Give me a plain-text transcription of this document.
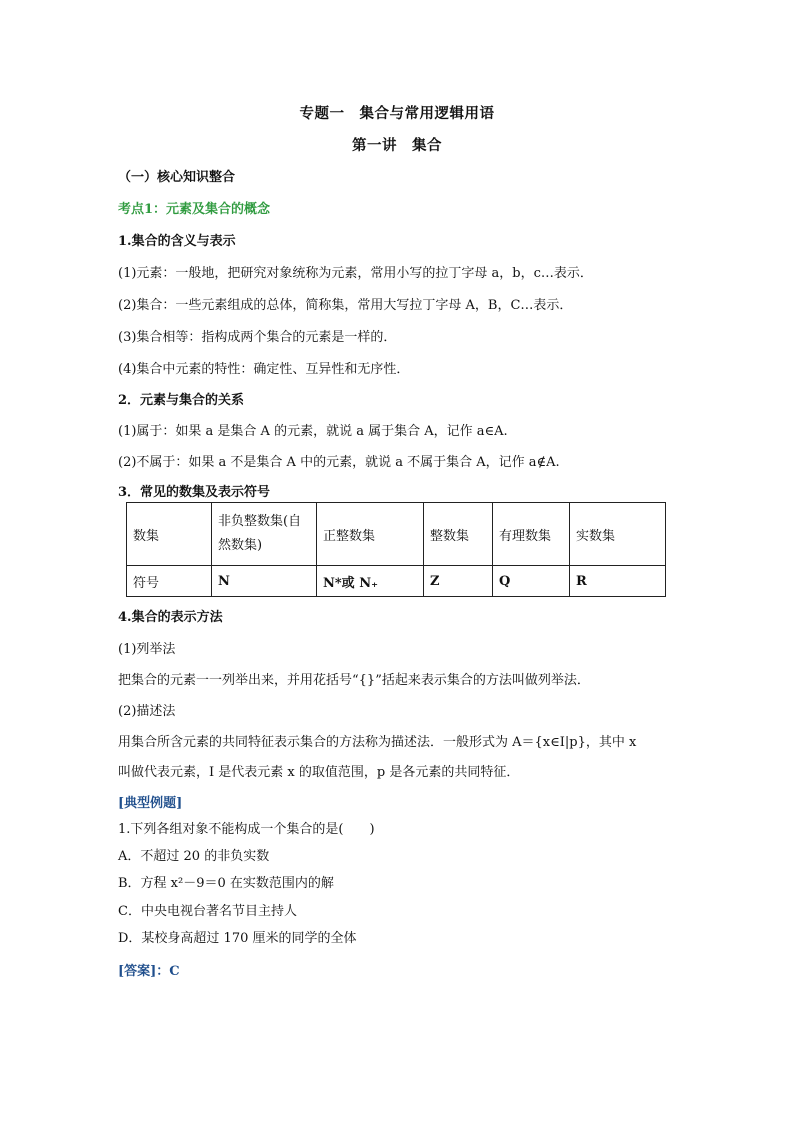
专题一　集合与常用逻辑用语
第一讲　集合
（一）核心知识整合
考点1：元素及集合的概念
1.集合的含义与表示
(1)元素：一般地，把研究对象统称为元素，常用小写的拉丁字母 a，b，c…表示．
(2)集合：一些元素组成的总体，简称集，常用大写拉丁字母 A，B，C…表示．
(3)集合相等：指构成两个集合的元素是一样的．
(4)集合中元素的特性：确定性、互异性和无序性．
2．元素与集合的关系
(1)属于：如果 a 是集合 A 的元素，就说 a 属于集合 A，记作 a∈A.
(2)不属于：如果 a 不是集合 A 中的元素，就说 a 不属于集合 A，记作 a∉A.
3．常见的数集及表示符号
数集	非负整数集(自然数集)	正整数集	整数集	有理数集	实数集
符号	N	N*或 N₊	Z	Q	R
4.集合的表示方法
(1)列举法
把集合的元素一一列举出来，并用花括号“{}”括起来表示集合的方法叫做列举法．
(2)描述法
用集合所含元素的共同特征表示集合的方法称为描述法．一般形式为 A＝{x∈I|p}，其中 x
叫做代表元素，I 是代表元素 x 的取值范围，p 是各元素的共同特征．
[典型例题]
1.下列各组对象不能构成一个集合的是(　　)
A．不超过 20 的非负实数
B．方程 x²－9＝0 在实数范围内的解
C．中央电视台著名节目主持人
D．某校身高超过 170 厘米的同学的全体
[答案]：C
